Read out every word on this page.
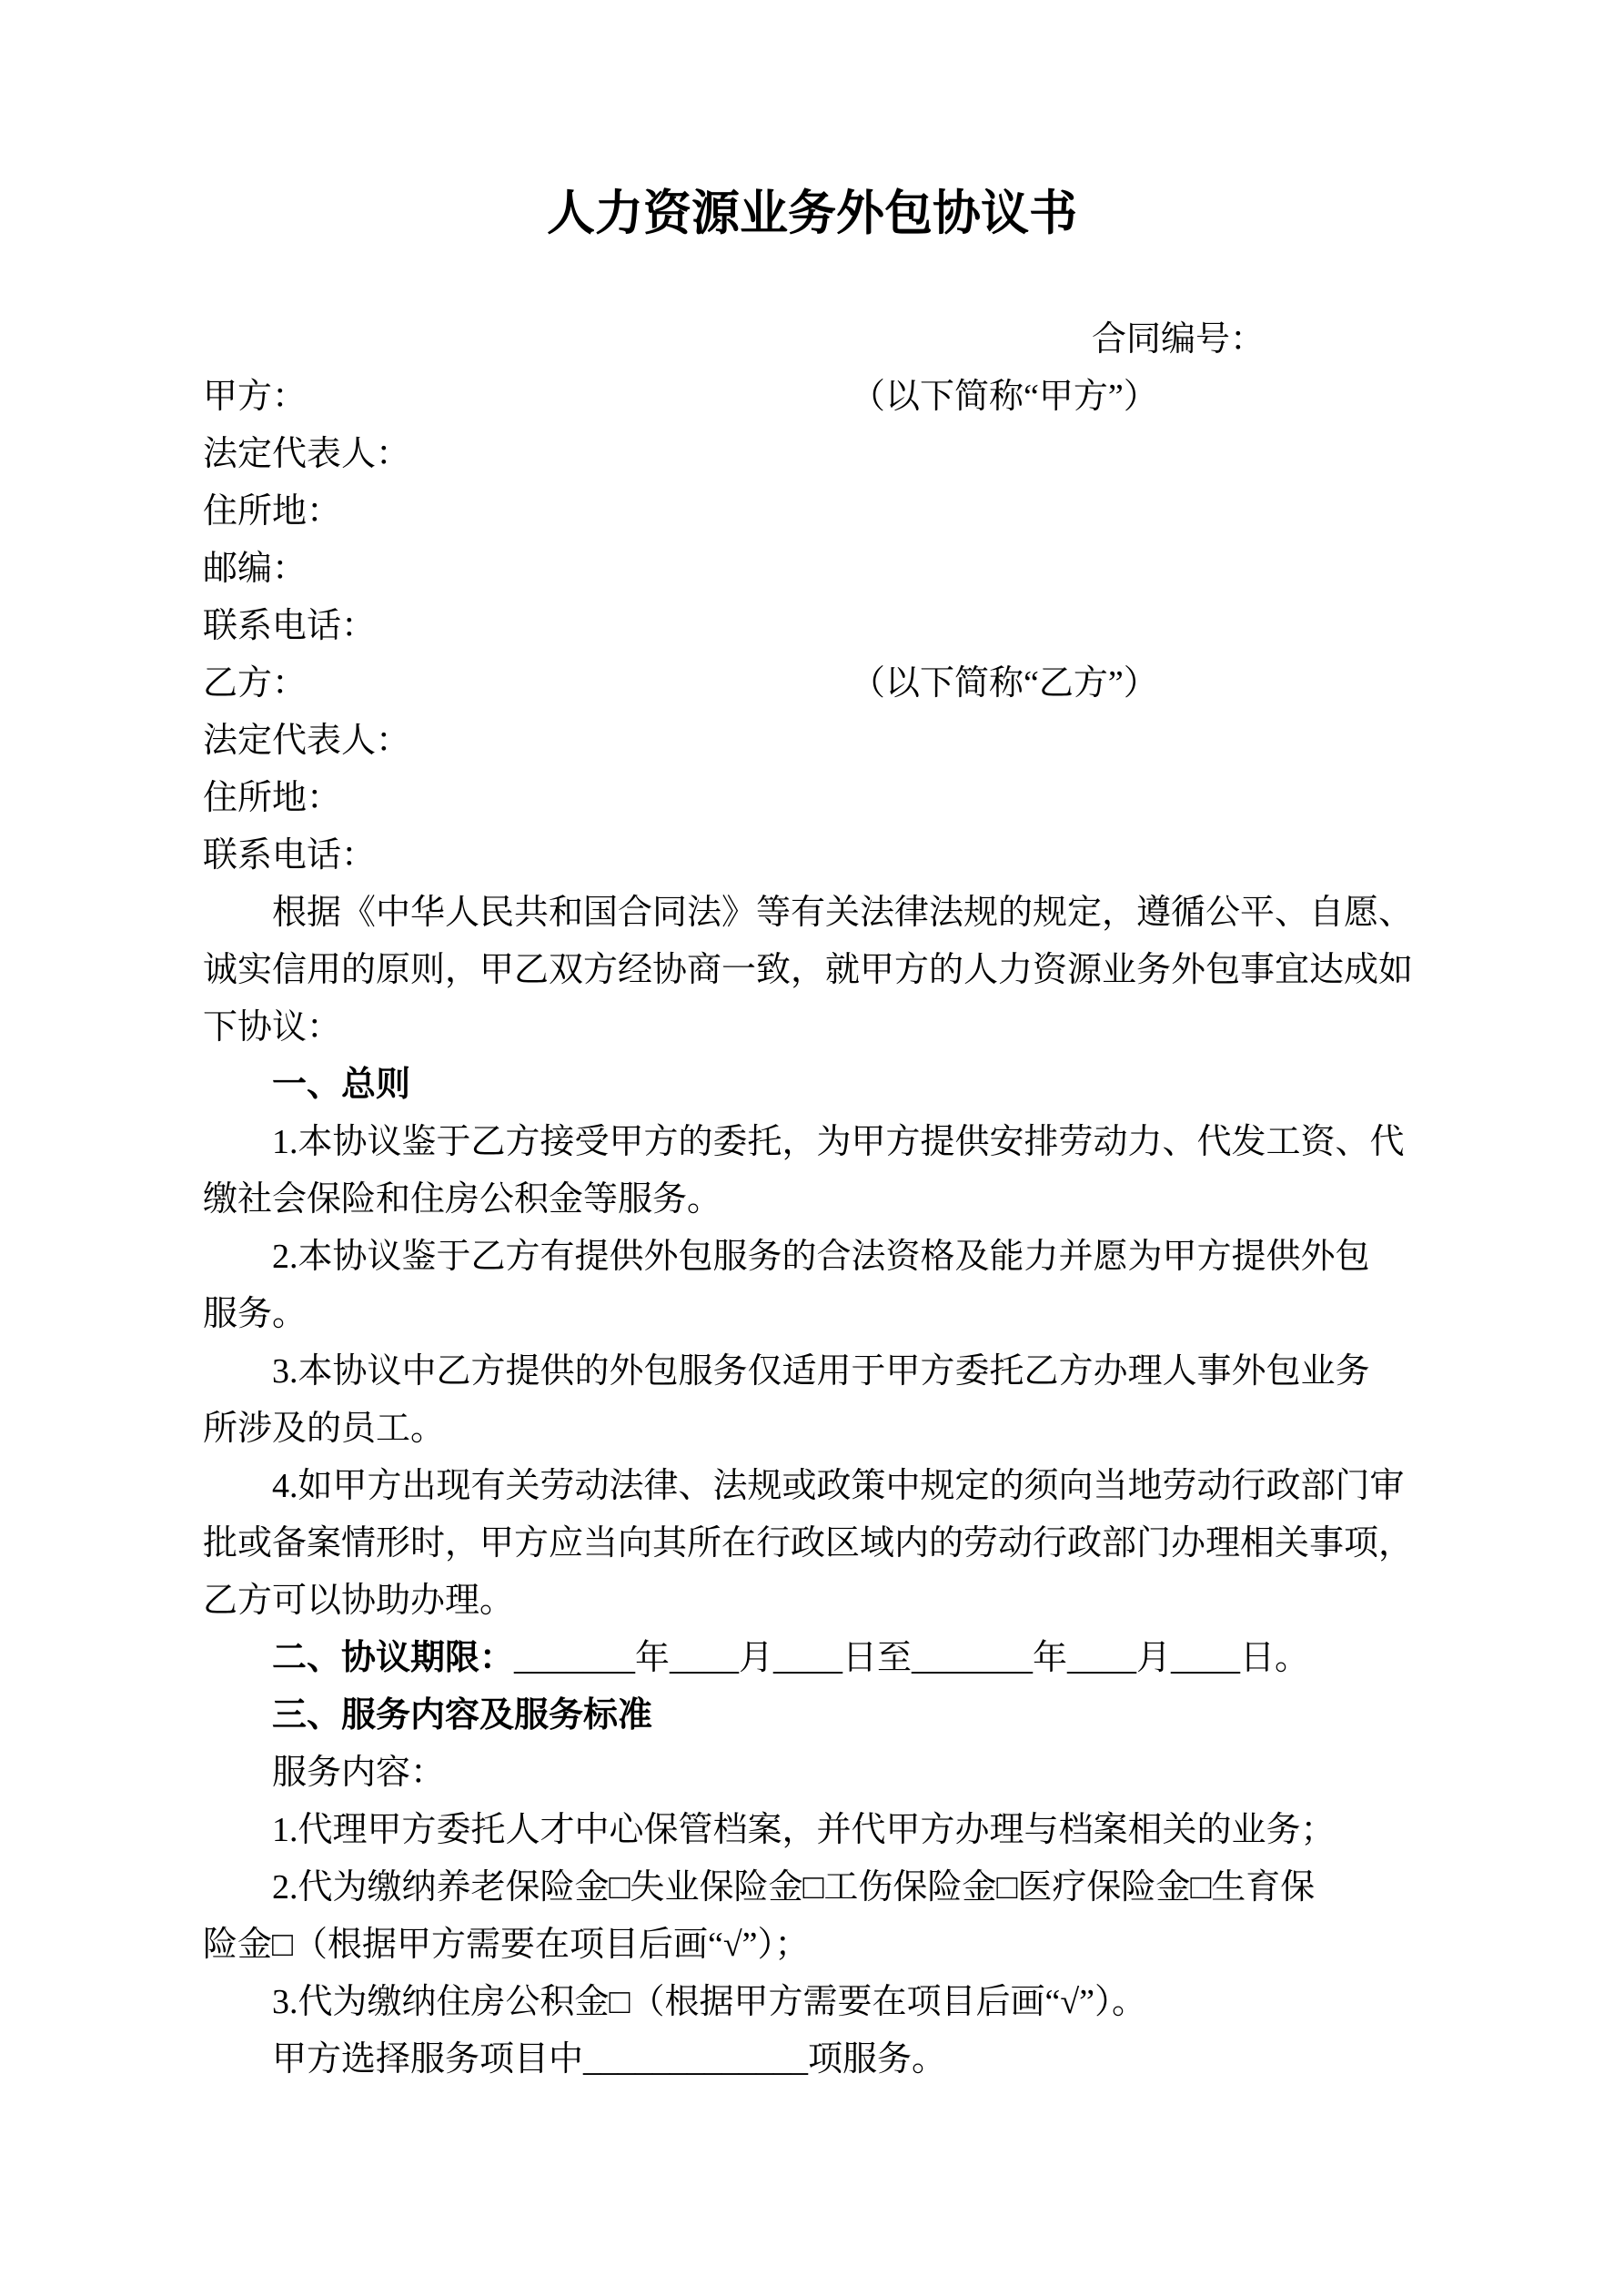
人力资源业务外包协议书

合同编号：

甲方：	（以下简称“甲方”）

法定代表人：

住所地：

邮编：

联系电话：

乙方：	（以下简称“乙方”）

法定代表人：

住所地：

联系电话：

根据《中华人民共和国合同法》等有关法律法规的规定，遵循公平、自愿、

诚实信用的原则，甲乙双方经协商一致，就甲方的人力资源业务外包事宜达成如

下协议：

一、总则

1.本协议鉴于乙方接受甲方的委托，为甲方提供安排劳动力、代发工资、代

缴社会保险和住房公积金等服务。

2.本协议鉴于乙方有提供外包服务的合法资格及能力并愿为甲方提供外包

服务。

3.本协议中乙方提供的外包服务仅适用于甲方委托乙方办理人事外包业务

所涉及的员工。

4.如甲方出现有关劳动法律、法规或政策中规定的须向当地劳动行政部门审

批或备案情形时，甲方应当向其所在行政区域内的劳动行政部门办理相关事项，

乙方可以协助办理。

二、协议期限：_______年____月____日至_______年____月____日。

三、服务内容及服务标准

服务内容：

1.代理甲方委托人才中心保管档案，并代甲方办理与档案相关的业务；

2.代为缴纳养老保险金□失业保险金□工伤保险金□医疗保险金□生育保

险金□（根据甲方需要在项目后画“√”）；

3.代为缴纳住房公积金□（根据甲方需要在项目后画“√”）。

甲方选择服务项目中_____________项服务。
